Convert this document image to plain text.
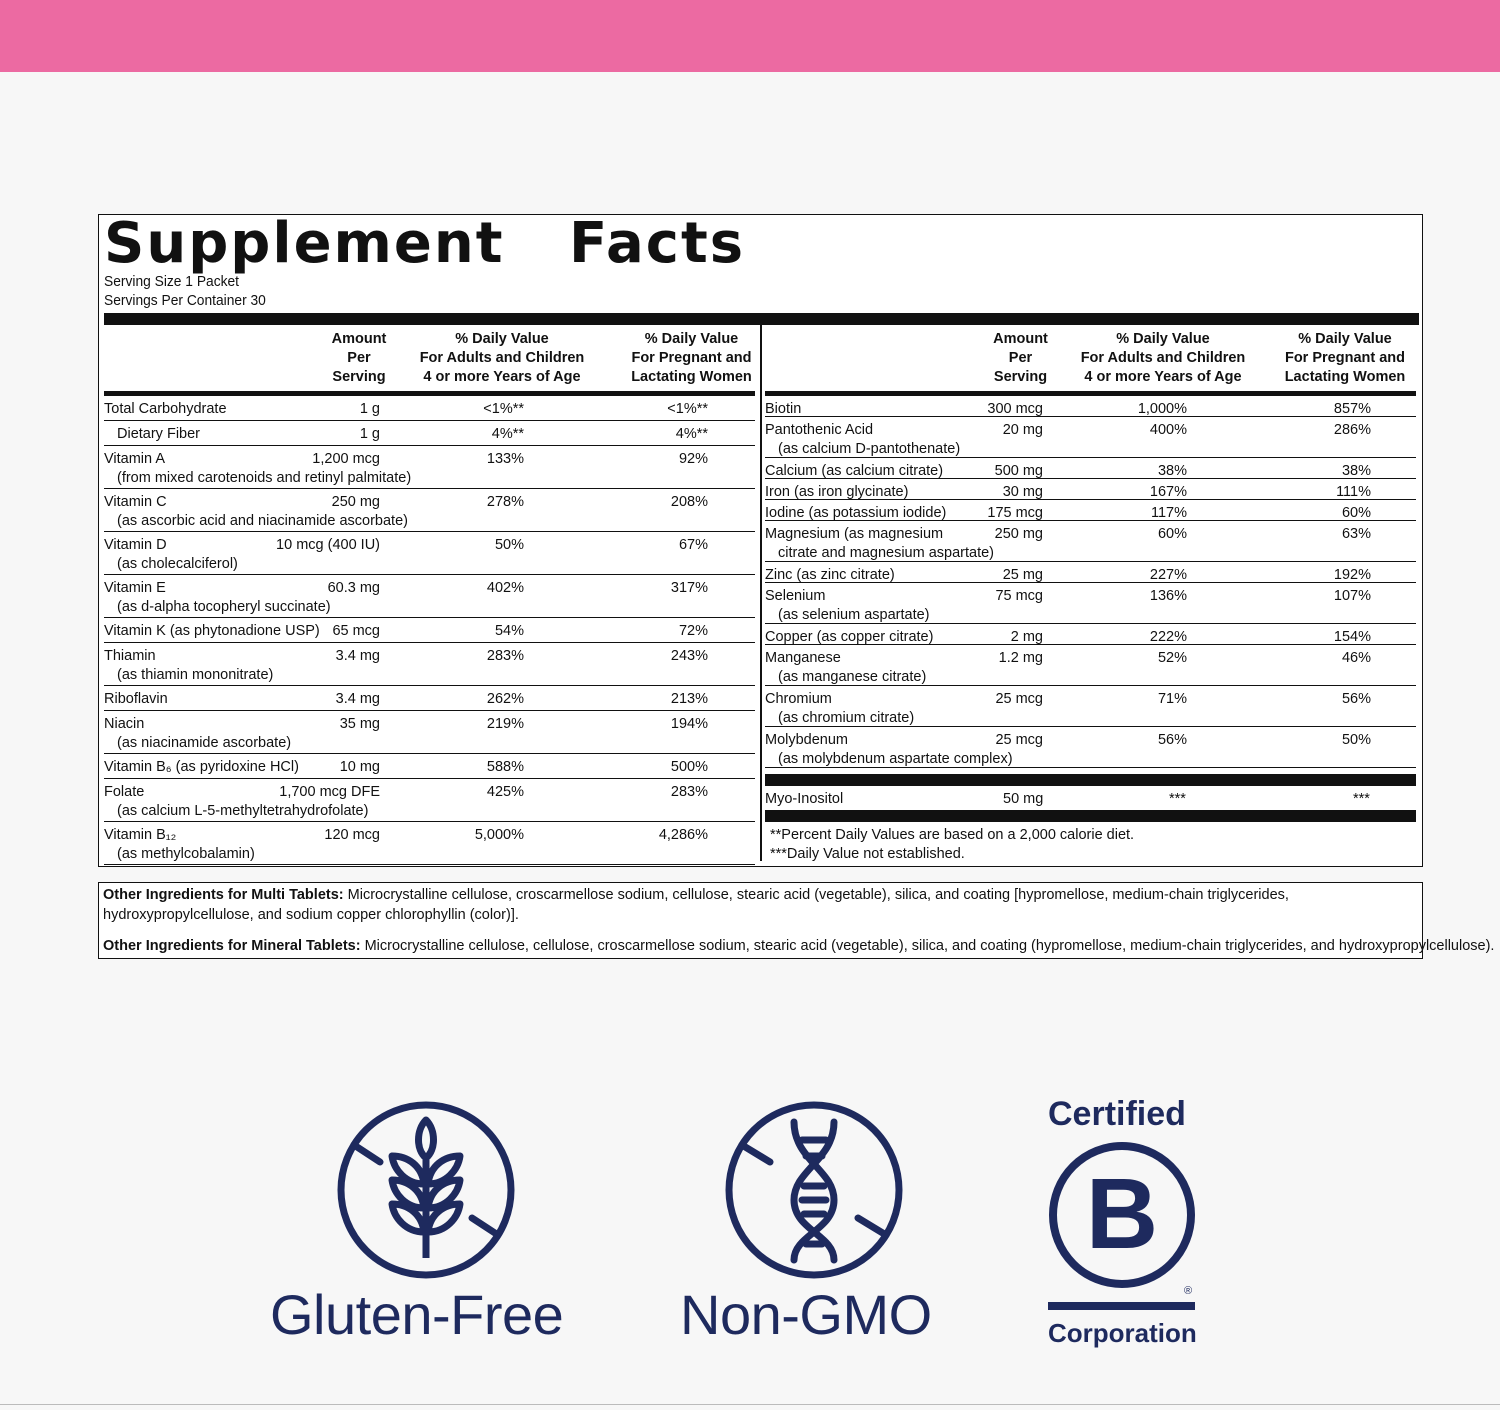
Supplement   Facts
Serving Size 1 Packet
Servings Per Container 30
Amount
Per
Serving
% Daily Value
For Adults and Children
4 or more Years of Age
% Daily Value
For Pregnant and
Lactating Women
Total Carbohydrate	1 g	<1%**	<1%**
Dietary Fiber	1 g	4%**	4%**
Vitamin A	1,200 mcg	133%	92%
(from mixed carotenoids and retinyl palmitate)
Vitamin C	250 mg	278%	208%
(as ascorbic acid and niacinamide ascorbate)
Vitamin D	10 mcg (400 IU)	50%	67%
(as cholecalciferol)
Vitamin E	60.3 mg	402%	317%
(as d-alpha tocopheryl succinate)
Vitamin K (as phytonadione USP) 65 mcg	54%	72%
Thiamin	3.4 mg	283%	243%
(as thiamin mononitrate)
Riboflavin	3.4 mg	262%	213%
Niacin	35 mg	219%	194%
(as niacinamide ascorbate)
Vitamin B₆ (as pyridoxine HCl)	10 mg	588%	500%
Folate	1,700 mcg DFE	425%	283%
(as calcium L-5-methyltetrahydrofolate)
Vitamin B₁₂	120 mcg	5,000%	4,286%
(as methylcobalamin)
Amount
Per
Serving
% Daily Value
For Adults and Children
4 or more Years of Age
% Daily Value
For Pregnant and
Lactating Women
Biotin	300 mcg	1,000%	857%
Pantothenic Acid	20 mg	400%	286%
(as calcium D-pantothenate)
Calcium (as calcium citrate)	500 mg	38%	38%
Iron (as iron glycinate)	30 mg	167%	111%
Iodine (as potassium iodide)	175 mcg	117%	60%
Magnesium (as magnesium	250 mg	60%	63%
citrate and magnesium aspartate)
Zinc (as zinc citrate)	25 mg	227%	192%
Selenium	75 mcg	136%	107%
(as selenium aspartate)
Copper (as copper citrate)	2 mg	222%	154%
Manganese	1.2 mg	52%	46%
(as manganese citrate)
Chromium	25 mcg	71%	56%
(as chromium citrate)
Molybdenum	25 mcg	56%	50%
(as molybdenum aspartate complex)
Myo-Inositol	50 mg	***	***
**Percent Daily Values are based on a 2,000 calorie diet.
***Daily Value not established.

Other Ingredients for Multi Tablets: Microcrystalline cellulose, croscarmellose sodium, cellulose, stearic acid (vegetable), silica, and coating [hypromellose, medium-chain triglycerides, hydroxypropylcellulose, and sodium copper chlorophyllin (color)].

Other Ingredients for Mineral Tablets: Microcrystalline cellulose, cellulose, croscarmellose sodium, stearic acid (vegetable), silica, and coating (hypromellose, medium-chain triglycerides, and hydroxypropylcellulose).

Gluten-Free Non-GMO
Certified
B
®
Corporation
